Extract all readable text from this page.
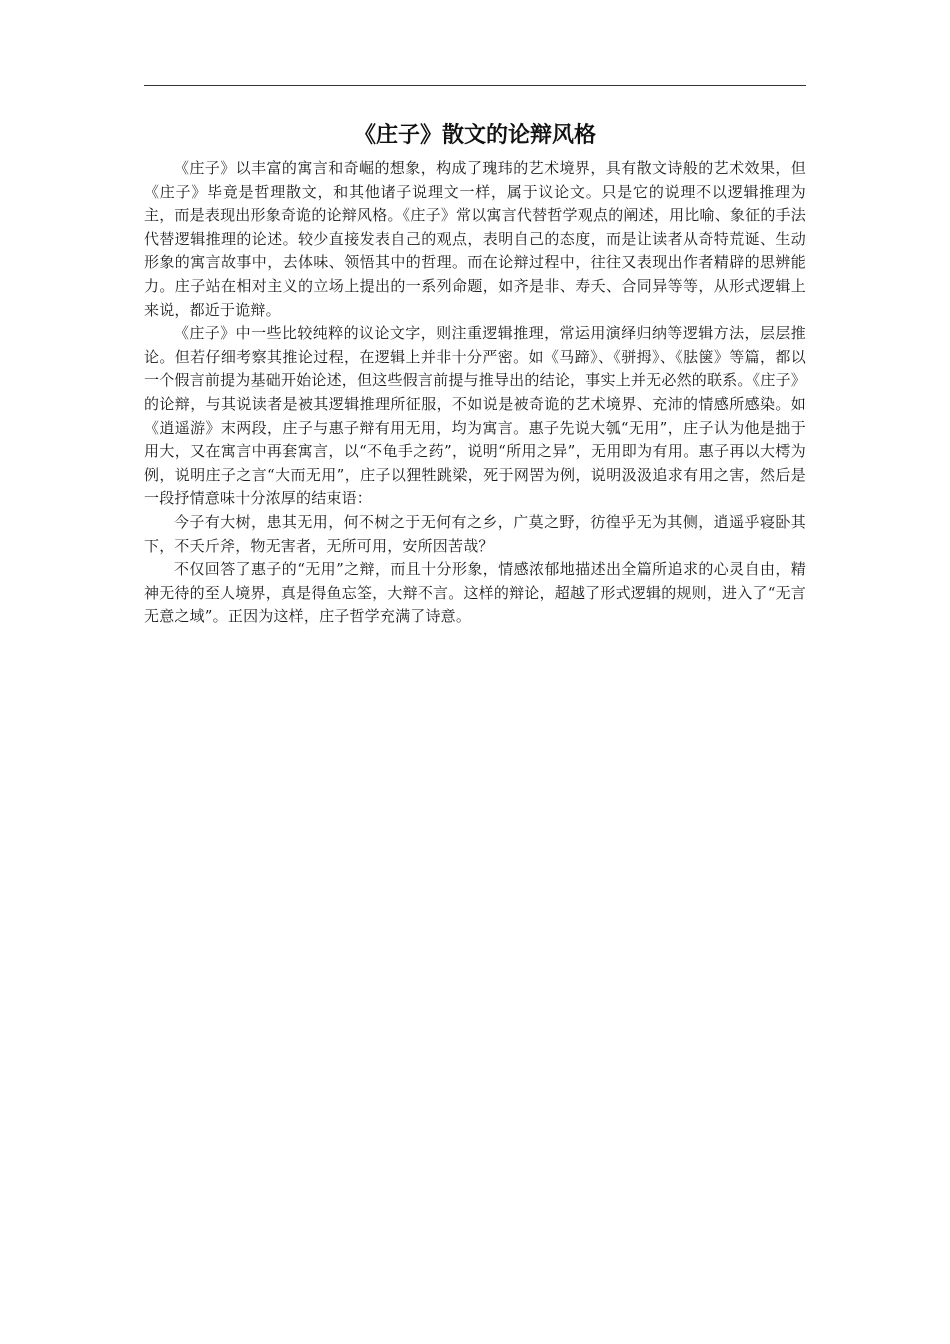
《庄子》散文的论辩风格

《庄子》以丰富的寓言和奇崛的想象，构成了瑰玮的艺术境界，具有散文诗般的艺术效果，但《庄子》毕竟是哲理散文，和其他诸子说理文一样，属于议论文。只是它的说理不以逻辑推理为主，而是表现出形象奇诡的论辩风格。《庄子》常以寓言代替哲学观点的阐述，用比喻、象征的手法代替逻辑推理的论述。较少直接发表自己的观点，表明自己的态度，而是让读者从奇特荒诞、生动形象的寓言故事中，去体味、领悟其中的哲理。而在论辩过程中，往往又表现出作者精辟的思辨能力。庄子站在相对主义的立场上提出的一系列命题，如齐是非、寿夭、合同异等等，从形式逻辑上来说，都近于诡辩。

《庄子》中一些比较纯粹的议论文字，则注重逻辑推理，常运用演绎归纳等逻辑方法，层层推论。但若仔细考察其推论过程，在逻辑上并非十分严密。如《马蹄》、《骈拇》、《胠箧》等篇，都以一个假言前提为基础开始论述，但这些假言前提与推导出的结论，事实上并无必然的联系。《庄子》的论辩，与其说读者是被其逻辑推理所征服，不如说是被奇诡的艺术境界、充沛的情感所感染。如《逍遥游》末两段，庄子与惠子辩有用无用，均为寓言。惠子先说大瓠“无用”，庄子认为他是拙于用大，又在寓言中再套寓言，以“不龟手之药”，说明“所用之异”，无用即为有用。惠子再以大樗为例，说明庄子之言“大而无用”，庄子以狸牲跳梁，死于网罟为例，说明汲汲追求有用之害，然后是一段抒情意味十分浓厚的结束语：

今子有大树，患其无用，何不树之于无何有之乡，广莫之野，彷徨乎无为其侧，逍遥乎寝卧其下，不夭斤斧，物无害者，无所可用，安所因苦哉？

不仅回答了惠子的“无用”之辩，而且十分形象，情感浓郁地描述出全篇所追求的心灵自由，精神无待的至人境界，真是得鱼忘筌，大辩不言。这样的辩论，超越了形式逻辑的规则，进入了“无言无意之域”。正因为这样，庄子哲学充满了诗意。
